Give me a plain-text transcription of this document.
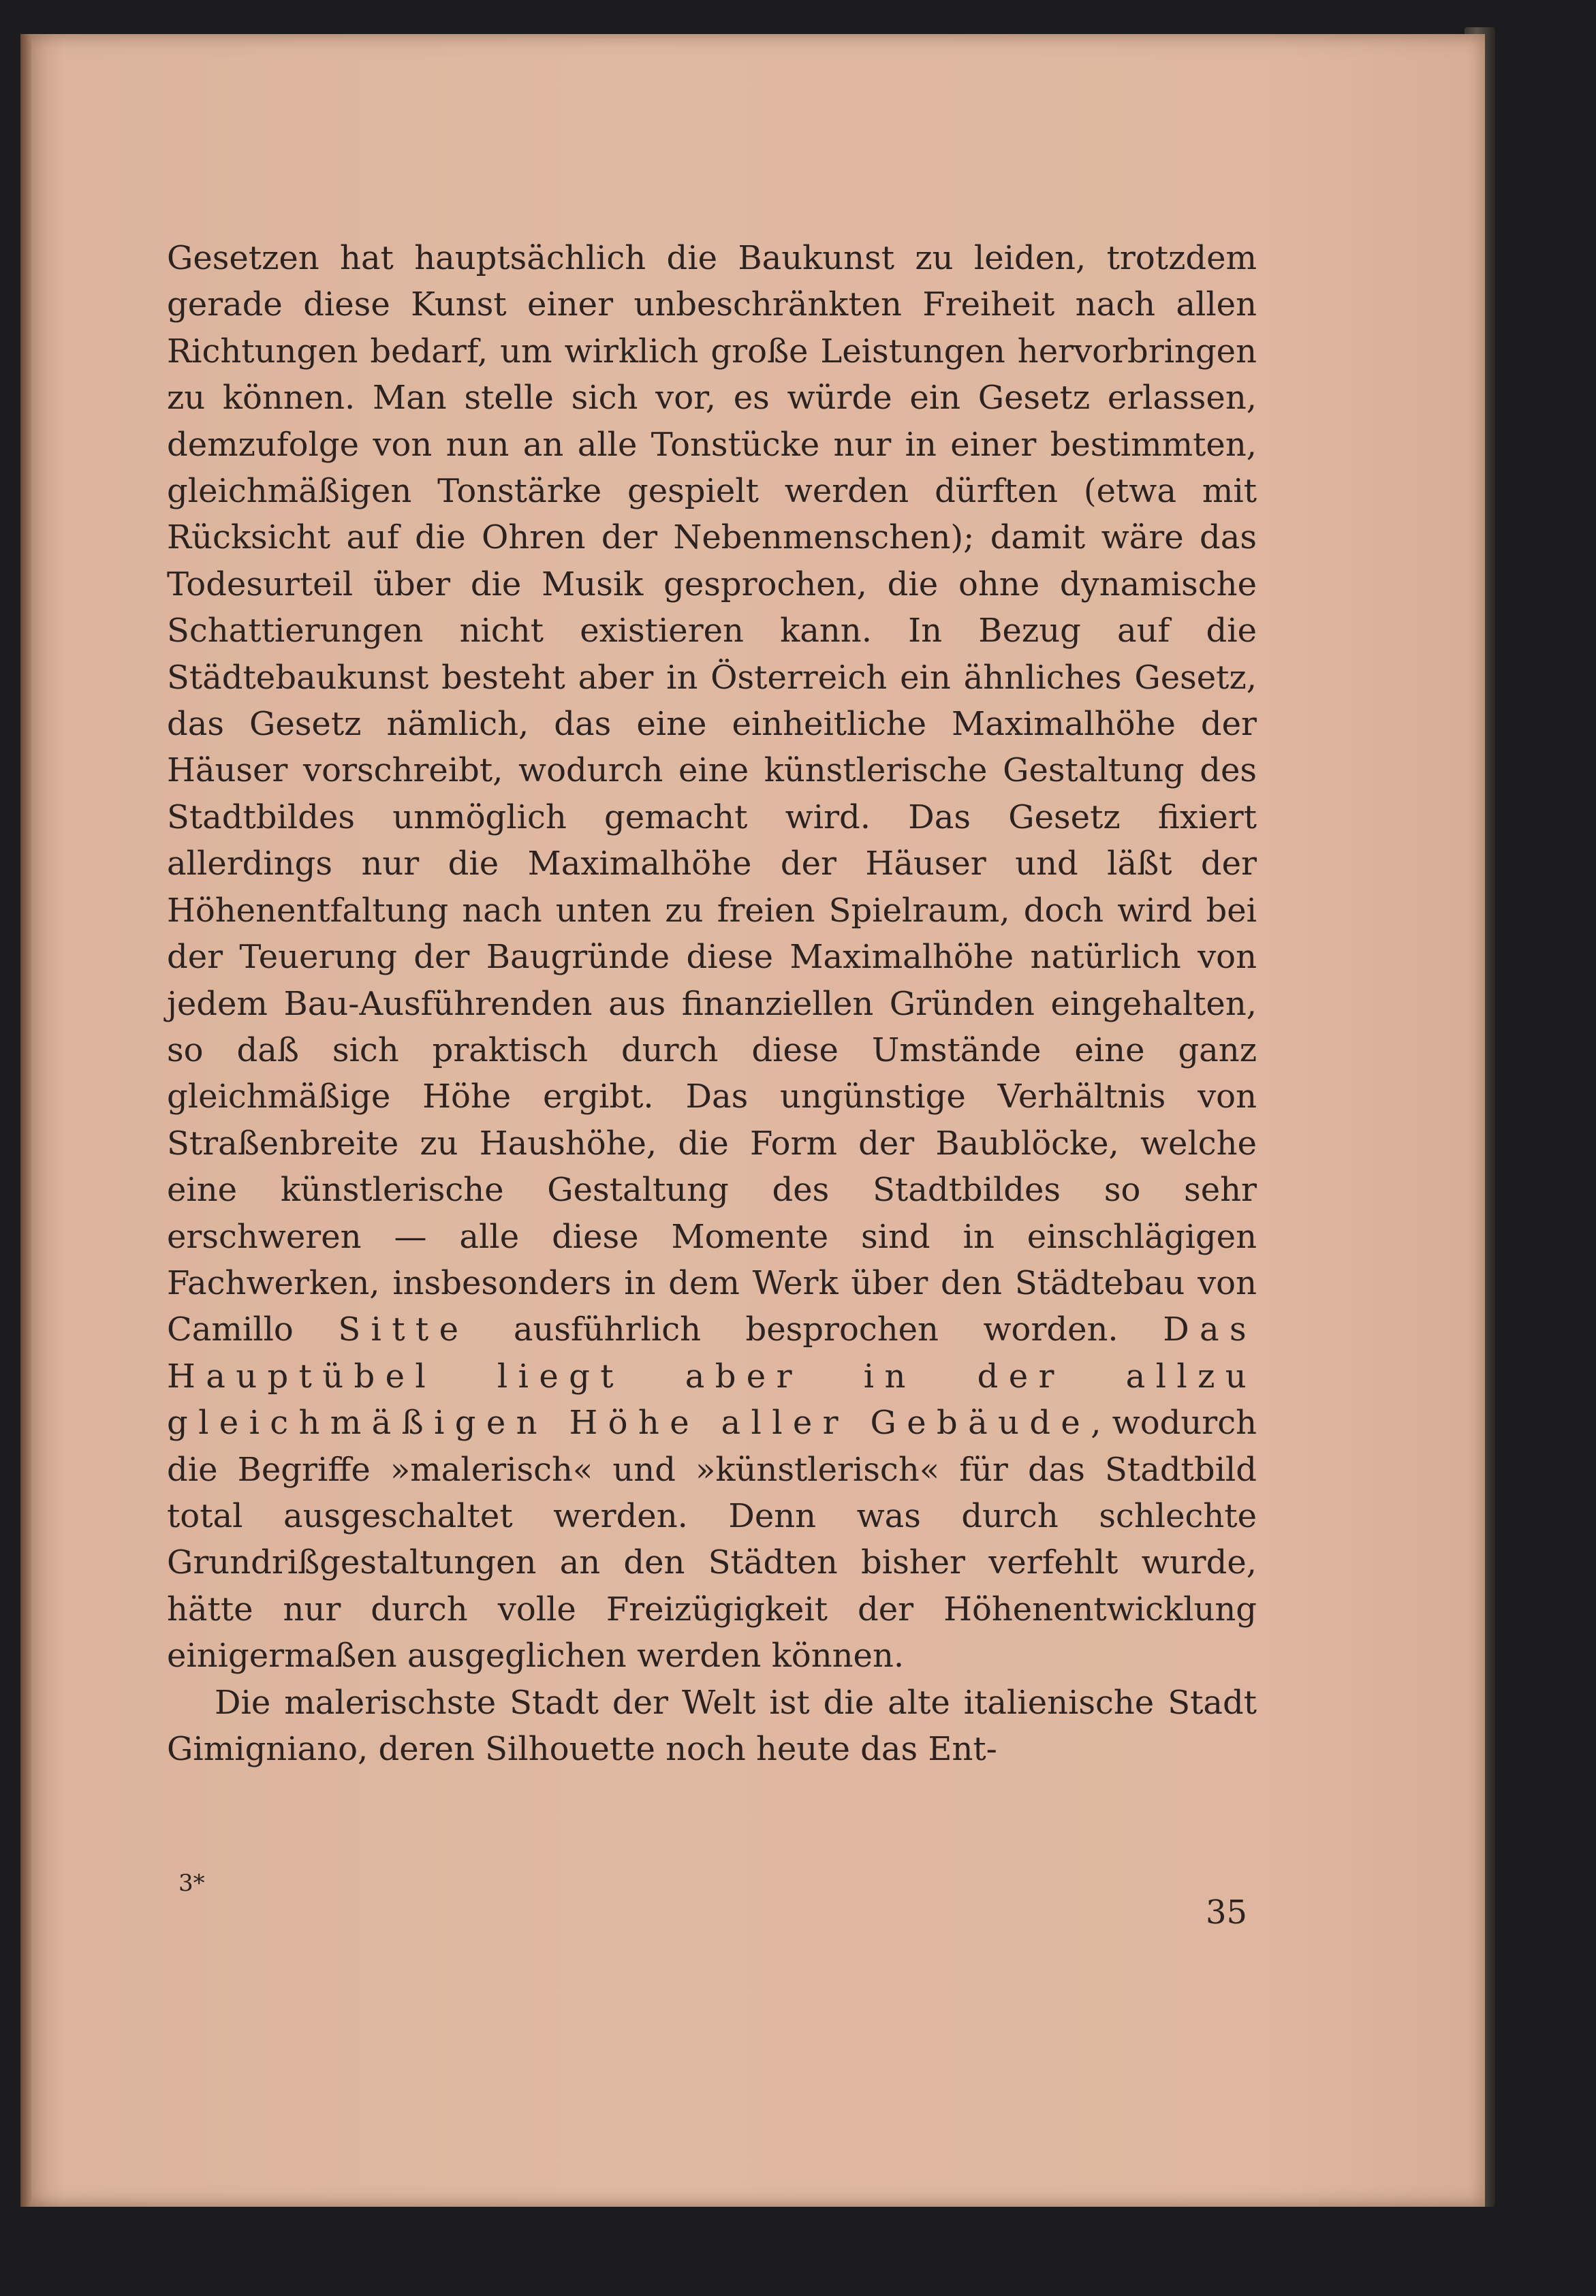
Gesetzen hat hauptsächlich die Baukunst zu leiden, trotzdem gerade diese Kunst einer unbeschränkten Freiheit nach allen Richtungen bedarf, um wirklich große Leistungen hervorbringen zu können. Man stelle sich vor, es würde ein Gesetz erlassen, demzufolge von nun an alle Tonstücke nur in einer bestimmten, gleichmäßigen Tonstärke gespielt werden dürften (etwa mit Rücksicht auf die Ohren der Nebenmenschen); damit wäre das Todesurteil über die Musik gesprochen, die ohne dynamische Schattierungen nicht existieren kann. In Bezug auf die Städtebaukunst besteht aber in Österreich ein ähnliches Gesetz, das Gesetz nämlich, das eine einheitliche Maximalhöhe der Häuser vorschreibt, wodurch eine künstlerische Gestaltung des Stadtbildes unmöglich gemacht wird. Das Gesetz fixiert allerdings nur die Maximalhöhe der Häuser und läßt der Höhenentfaltung nach unten zu freien Spielraum, doch wird bei der Teuerung der Baugründe diese Maximalhöhe natürlich von jedem Bau-Ausführenden aus finanziellen Gründen eingehalten, so daß sich praktisch durch diese Umstände eine ganz gleichmäßige Höhe ergibt. Das ungünstige Verhältnis von Straßenbreite zu Haushöhe, die Form der Baublöcke, welche eine künstlerische Gestaltung des Stadtbildes so sehr erschweren — alle diese Momente sind in einschlägigen Fachwerken, insbesonders in dem Werk über den Städtebau von Camillo Sitte ausführlich besprochen worden. Das Hauptübel liegt aber in der allzu gleichmäßigen Höhe aller Gebäude, wodurch die Begriffe »malerisch« und »künstlerisch« für das Stadtbild total ausgeschaltet werden. Denn was durch schlechte Grundrißgestaltungen an den Städten bisher verfehlt wurde, hätte nur durch volle Freizügigkeit der Höhenentwicklung einigermaßen ausgeglichen werden können.

Die malerischste Stadt der Welt ist die alte italienische Stadt Gimigniano, deren Silhouette noch heute das Ent-

3*
35
